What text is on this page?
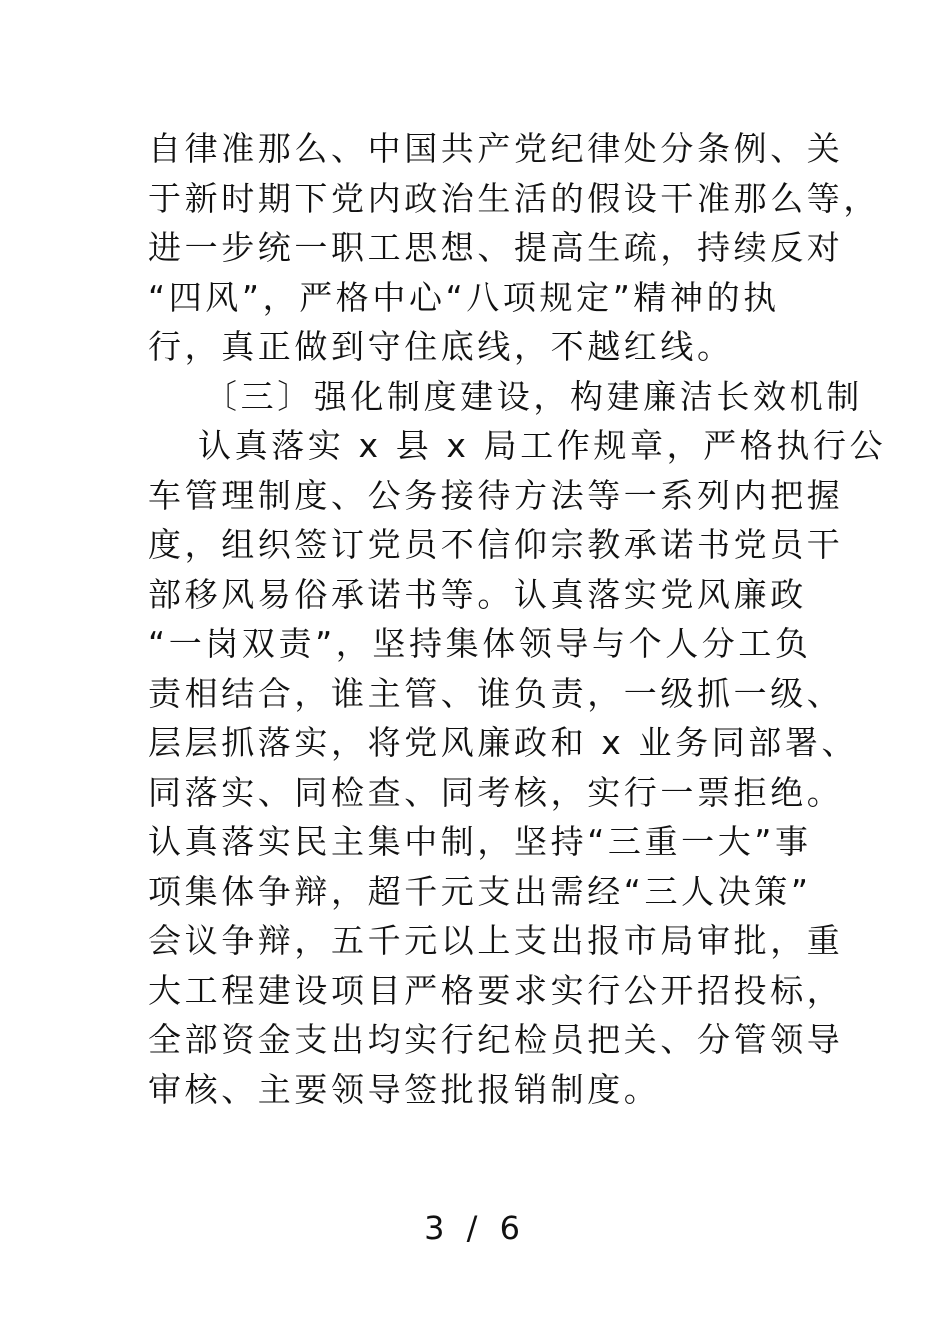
自律准那么、中国共产党纪律处分条例、关
于新时期下党内政治生活的假设干准那么等，
进一步统一职工思想、提高生疏，持续反对
“四风”，严格中心“八项规定”精神的执
行，真正做到守住底线，不越红线。
〔三〕强化制度建设，构建廉洁长效机制
认真落实 x 县 x 局工作规章，严格执行公
车管理制度、公务接待方法等一系列内把握
度，组织签订党员不信仰宗教承诺书党员干
部移风易俗承诺书等。认真落实党风廉政
“一岗双责”，坚持集体领导与个人分工负
责相结合，谁主管、谁负责，一级抓一级、
层层抓落实，将党风廉政和 x 业务同部署、
同落实、同检查、同考核，实行一票拒绝。
认真落实民主集中制，坚持“三重一大”事
项集体争辩，超千元支出需经“三人决策”
会议争辩，五千元以上支出报市局审批，重
大工程建设项目严格要求实行公开招投标，
全部资金支出均实行纪检员把关、分管领导
审核、主要领导签批报销制度。
3 / 6
